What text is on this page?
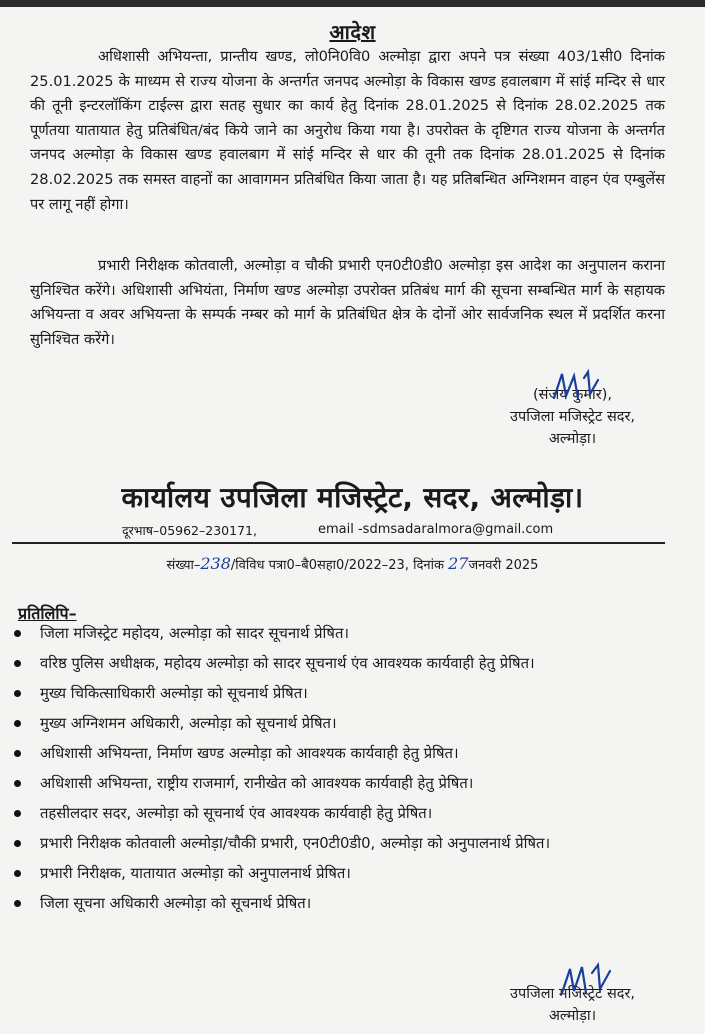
आदेश
अधिशासी अभियन्ता, प्रान्तीय खण्ड, लो0नि0वि0 अल्मोड़ा द्वारा अपने पत्र संख्या 403/1सी0 दिनांक 25.01.2025 के माध्यम से राज्य योजना के अन्तर्गत जनपद अल्मोड़ा के विकास खण्ड हवालबाग में सांई मन्दिर से धार की तूनी इन्टरलॉकिंग टाईल्स द्वारा सतह सुधार का कार्य हेतु दिनांक 28.01.2025 से दिनांक 28.02.2025 तक पूर्णतया यातायात हेतु प्रतिबंधित/बंद किये जाने का अनुरोध किया गया है। उपरोक्त के दृष्टिगत राज्य योजना के अन्तर्गत जनपद अल्मोड़ा के विकास खण्ड हवालबाग में सांई मन्दिर से धार की तूनी तक दिनांक 28.01.2025 से दिनांक 28.02.2025 तक समस्त वाहनों का आवागमन प्रतिबंधित किया जाता है। यह प्रतिबन्धित अग्निशमन वाहन एंव एम्बुलेंस पर लागू नहीं होगा।
प्रभारी निरीक्षक कोतवाली, अल्मोड़ा व चौकी प्रभारी एन0टी0डी0 अल्मोड़ा इस आदेश का अनुपालन कराना सुनिश्चित करेंगे। अधिशासी अभियंता, निर्माण खण्ड अल्मोड़ा उपरोक्त प्रतिबंध मार्ग की सूचना सम्बन्धित मार्ग के सहायक अभियन्ता व अवर अभियन्ता के सम्पर्क नम्बर को मार्ग के प्रतिबंधित क्षेत्र के दोनों ओर सार्वजनिक स्थल में प्रदर्शित करना सुनिश्चित करेंगे।
(संजय कुमार),
उपजिला मजिस्ट्रेट सदर,
अल्मोड़ा।
कार्यालय उपजिला मजिस्ट्रेट, सदर, अल्मोड़ा।
दूरभाष–05962–230171,	email -sdmsadaralmora@gmail.com
संख्या–238/विविध पत्रा0–बै0सहा0/2022–23, दिनांक 27जनवरी 2025
प्रतिलिपि–
जिला मजिस्ट्रेट महोदय, अल्मोड़ा को सादर सूचनार्थ प्रेषित।
वरिष्ठ पुलिस अधीक्षक, महोदय अल्मोड़ा को सादर सूचनार्थ एंव आवश्यक कार्यवाही हेतु प्रेषित।
मुख्य चिकित्साधिकारी अल्मोड़ा को सूचनार्थ प्रेषित।
मुख्य अग्निशमन अधिकारी, अल्मोड़ा को सूचनार्थ प्रेषित।
अधिशासी अभियन्ता, निर्माण खण्ड अल्मोड़ा को आवश्यक कार्यवाही हेतु प्रेषित।
अधिशासी अभियन्ता, राष्ट्रीय राजमार्ग, रानीखेत को आवश्यक कार्यवाही हेतु प्रेषित।
तहसीलदार सदर, अल्मोड़ा को सूचनार्थ एंव आवश्यक कार्यवाही हेतु प्रेषित।
प्रभारी निरीक्षक कोतवाली अल्मोड़ा/चौकी प्रभारी, एन0टी0डी0, अल्मोड़ा को अनुपालनार्थ प्रेषित।
प्रभारी निरीक्षक, यातायात अल्मोड़ा को अनुपालनार्थ प्रेषित।
जिला सूचना अधिकारी अल्मोड़ा को सूचनार्थ प्रेषित।
उपजिला मजिस्ट्रेट सदर,
अल्मोड़ा।
